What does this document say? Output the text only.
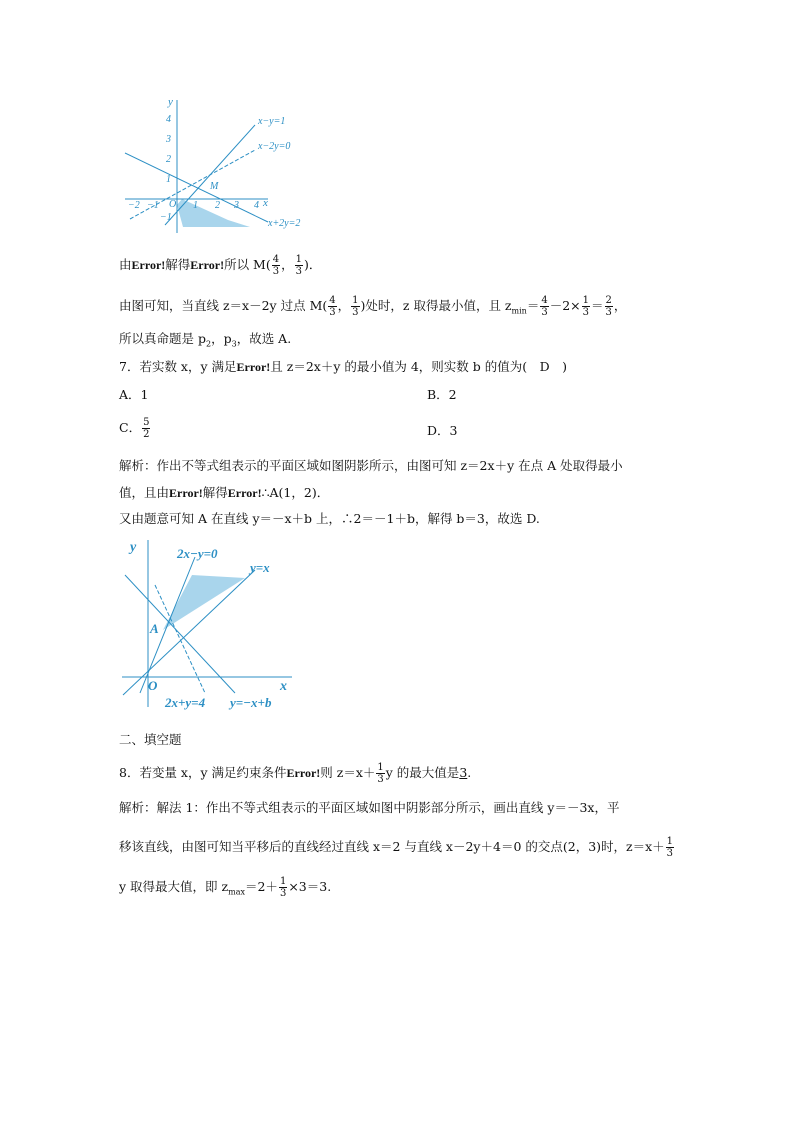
y
x
O
−2 −1	1 2 3 4
4
3
2
1
−1
M
x−y=1
x−2y=0
x+2y=2
由Error!解得Error!所以 $M( \frac{4}{3}$ ， $\frac{1}{3}$ )．
由图可知，当直线 z＝x－2y 过点 $M( \frac{4}{3}$ ， $\frac{1}{3}$ )处时，z 取得最小值，且 $z_{min}= \frac{4}{3} -2\times \frac{1}{3} = \frac{2}{3}$ ，
所以真命题是 $p_2$，$p_3$，故选 A.
7．若实数 x，y 满足Error!且 z＝2x＋y 的最小值为 4，则实数 b 的值为(　D　)
A．1	B．2
C． $\frac{5}{2}$	D．3
解析：作出不等式组表示的平面区域如图阴影所示，由图可知 z＝2x＋y 在点 A 处取得最小
值，且由Error!解得Error!∴A(1，2)．
又由题意可知 A 在直线 y＝－x＋b 上，∴2＝－1＋b，解得 b＝3，故选 D.
y
x
O
A
2x−y=0
y=x
2x+y=4 y=−x+b
二、填空题
8．若变量 x，y 满足约束条件Error!则 $z=x+ \frac{1}{3}$ y 的最大值是3.
解析：解法 1：作出不等式组表示的平面区域如图中阴影部分所示，画出直线 y＝－3x，平
移该直线，由图可知当平移后的直线经过直线 x＝2 与直线 x－2y＋4＝0 的交点(2，3)时，$z=x+ \frac{1}{3}$
y 取得最大值，即 $z_{max}=2+ \frac{1}{3} \times 3=3$.
